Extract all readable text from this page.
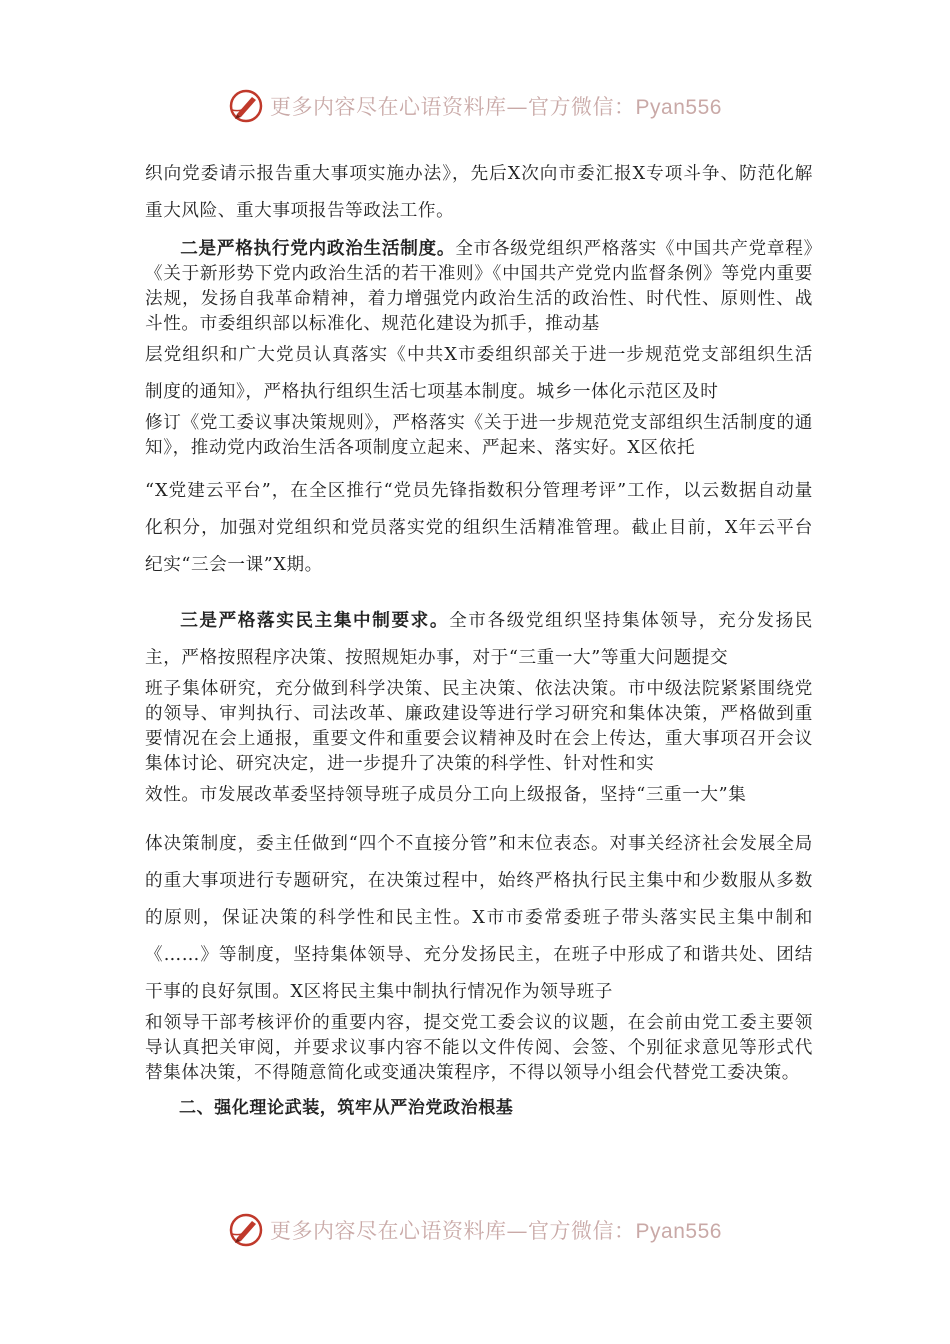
更多内容尽在心语资料库—官方微信：Pyan556

织向党委请示报告重大事项实施办法》，先后X次向市委汇报X专项斗争、防范化解重大风险、重大事项报告等政法工作。

二是严格执行党内政治生活制度。全市各级党组织严格落实《中国共产党章程》《关于新形势下党内政治生活的若干准则》《中国共产党党内监督条例》等党内重要法规，发扬自我革命精神，着力增强党内政治生活的政治性、时代性、原则性、战斗性。市委组织部以标准化、规范化建设为抓手，推动基

层党组织和广大党员认真落实《中共X市委组织部关于进一步规范党支部组织生活制度的通知》，严格执行组织生活七项基本制度。城乡一体化示范区及时

修订《党工委议事决策规则》，严格落实《关于进一步规范党支部组织生活制度的通知》，推动党内政治生活各项制度立起来、严起来、落实好。X区依托

“X党建云平台”，在全区推行“党员先锋指数积分管理考评”工作，以云数据自动量化积分，加强对党组织和党员落实党的组织生活精准管理。截止目前，X年云平台纪实“三会一课”X期。

三是严格落实民主集中制要求。全市各级党组织坚持集体领导，充分发扬民主，严格按照程序决策、按照规矩办事，对于“三重一大”等重大问题提交

班子集体研究，充分做到科学决策、民主决策、依法决策。市中级法院紧紧围绕党的领导、审判执行、司法改革、廉政建设等进行学习研究和集体决策，严格做到重要情况在会上通报，重要文件和重要会议精神及时在会上传达，重大事项召开会议集体讨论、研究决定，进一步提升了决策的科学性、针对性和实

效性。市发展改革委坚持领导班子成员分工向上级报备，坚持“三重一大”集

体决策制度，委主任做到“四个不直接分管”和末位表态。对事关经济社会发展全局的重大事项进行专题研究，在决策过程中，始终严格执行民主集中和少数服从多数的原则，保证决策的科学性和民主性。X市市委常委班子带头落实民主集中制和《……》等制度，坚持集体领导、充分发扬民主，在班子中形成了和谐共处、团结干事的良好氛围。X区将民主集中制执行情况作为领导班子

和领导干部考核评价的重要内容，提交党工委会议的议题，在会前由党工委主要领导认真把关审阅，并要求议事内容不能以文件传阅、会签、个别征求意见等形式代替集体决策，不得随意简化或变通决策程序，不得以领导小组会代替党工委决策。

二、强化理论武装，筑牢从严治党政治根基

更多内容尽在心语资料库—官方微信：Pyan556
